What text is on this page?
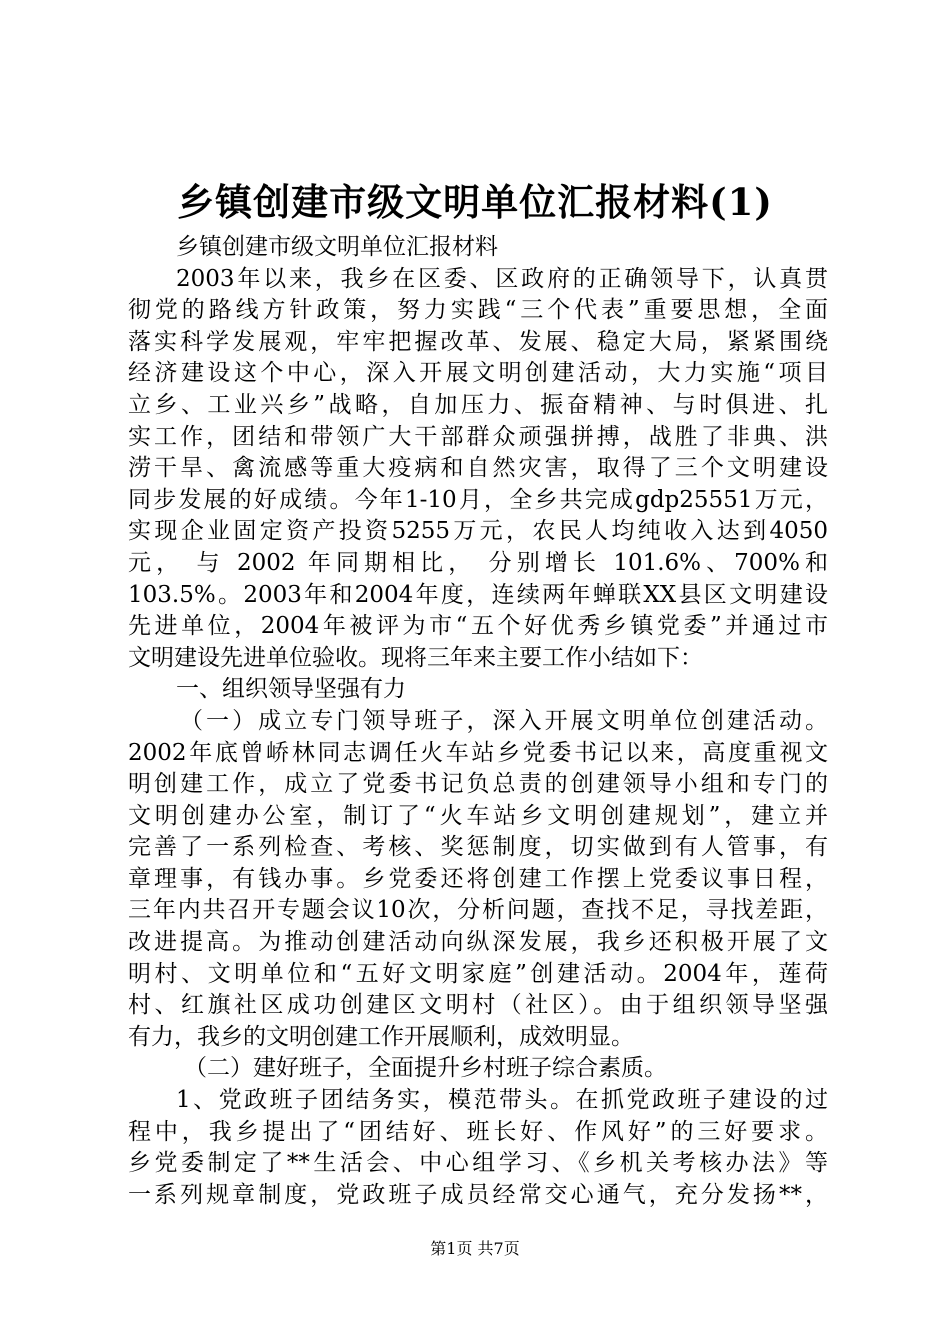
乡镇创建市级文明单位汇报材料(1)
乡镇创建市级文明单位汇报材料
2003年以来，我乡在区委、区政府的正确领导下，认真贯
彻党的路线方针政策，努力实践“三个代表”重要思想，全面
落实科学发展观，牢牢把握改革、发展、稳定大局，紧紧围绕
经济建设这个中心，深入开展文明创建活动，大力实施“项目
立乡、工业兴乡”战略，自加压力、振奋精神、与时俱进、扎
实工作，团结和带领广大干部群众顽强拼搏，战胜了非典、洪
涝干旱、禽流感等重大疫病和自然灾害，取得了三个文明建设
同步发展的好成绩。今年1-10月，全乡共完成gdp25551万元，
实现企业固定资产投资5255万元，农民人均纯收入达到4050
元， 与 2002 年同期相比， 分别增长 101.6%、700%和
103.5%。2003年和2004年度，连续两年蝉联XX县区文明建设
先进单位，2004年被评为市“五个好优秀乡镇党委”并通过市
文明建设先进单位验收。现将三年来主要工作小结如下：
一、组织领导坚强有力
（一）成立专门领导班子，深入开展文明单位创建活动。
2002年底曾峤林同志调任火车站乡党委书记以来，高度重视文
明创建工作，成立了党委书记负总责的创建领导小组和专门的
文明创建办公室，制订了“火车站乡文明创建规划”，建立并
完善了一系列检查、考核、奖惩制度，切实做到有人管事，有
章理事，有钱办事。乡党委还将创建工作摆上党委议事日程，
三年内共召开专题会议10次，分析问题，查找不足，寻找差距，
改进提高。为推动创建活动向纵深发展，我乡还积极开展了文
明村、文明单位和“五好文明家庭”创建活动。2004年，莲荷
村、红旗社区成功创建区文明村（社区）。由于组织领导坚强
有力，我乡的文明创建工作开展顺利，成效明显。
（二）建好班子，全面提升乡村班子综合素质。
1、党政班子团结务实，模范带头。在抓党政班子建设的过
程中，我乡提出了“团结好、班长好、作风好”的三好要求。
乡党委制定了**生活会、中心组学习、《乡机关考核办法》等
一系列规章制度，党政班子成员经常交心通气，充分发扬**，
第1页 共7页
